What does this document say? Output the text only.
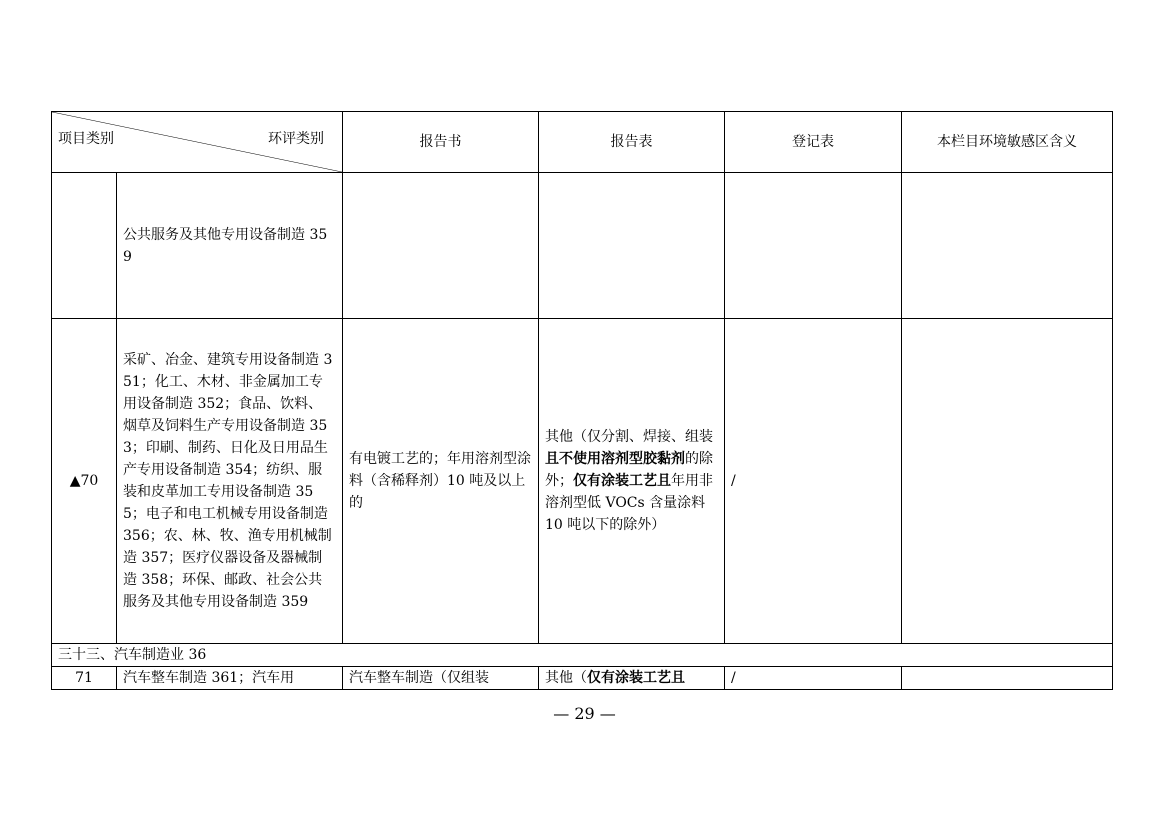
项目类别 环评类别		报告书	报告表	登记表	本栏目环境敏感区含义
	公共服务及其他专用设备制造 359				
▲70	采矿、冶金、建筑专用设备制造 351；化工、木材、非金属加工专用设备制造 352；食品、饮料、烟草及饲料生产专用设备制造 353；印刷、制药、日化及日用品生产专用设备制造 354；纺织、服装和皮革加工专用设备制造 355；电子和电工机械专用设备制造 356；农、林、牧、渔专用机械制造 357；医疗仪器设备及器械制造 358；环保、邮政、社会公共服务及其他专用设备制造 359	有电镀工艺的；年用溶剂型涂料（含稀释剂）10 吨及以上的	其他（仅分割、焊接、组装且不使用溶剂型胶黏剂的除外；仅有涂装工艺且年用非溶剂型低 VOCs 含量涂料 10 吨以下的除外）	/	
三十三、汽车制造业 36					
71	汽车整车制造 361；汽车用	汽车整车制造（仅组装	其他（仅有涂装工艺且	/	
— 29 —
